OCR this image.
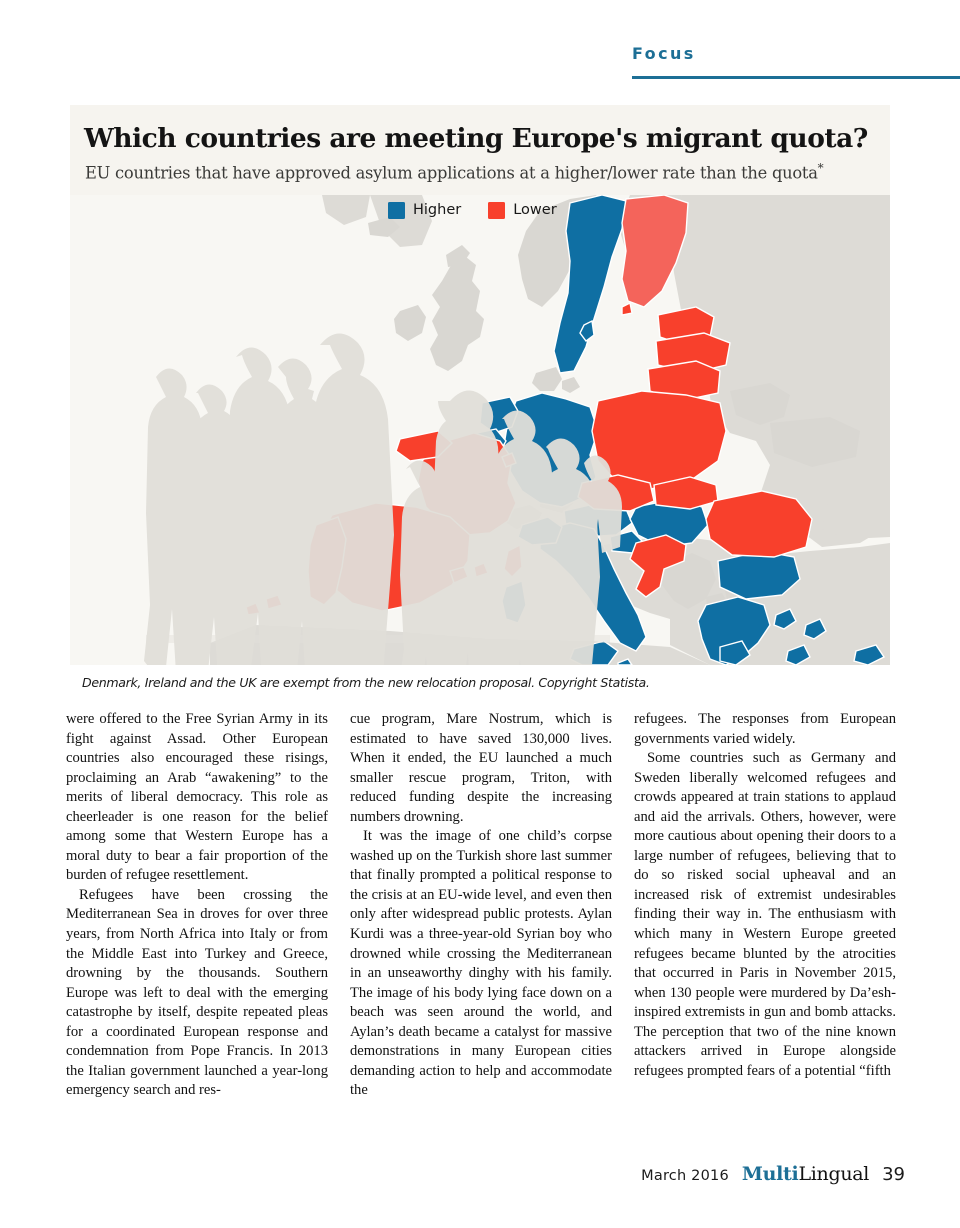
Focus
Which countries are meeting Europe's migrant quota?
EU countries that have approved asylum applications at a higher/lower rate than the quota*
Higher	Lower
Denmark, Ireland and the UK are exempt from the new relocation proposal. Copyright Statista.

were offered to the Free Syrian Army in its fight against Assad. Other European countries also encouraged these risings, proclaiming an Arab “awakening” to the merits of liberal democracy. This role as cheerleader is one reason for the belief among some that Western Europe has a moral duty to bear a fair proportion of the burden of refugee resettlement.

Refugees have been crossing the Mediterranean Sea in droves for over three years, from North Africa into Italy or from the Middle East into Turkey and Greece, drowning by the thousands. Southern Europe was left to deal with the emerging catastrophe by itself, despite repeated pleas for a coordinated European response and condemnation from Pope Francis. In 2013 the Italian government launched a year-long emergency search and res-

cue program, Mare Nostrum, which is estimated to have saved 130,000 lives. When it ended, the EU launched a much smaller rescue program, Triton, with reduced funding despite the increasing numbers drowning.

It was the image of one child’s corpse washed up on the Turkish shore last summer that finally prompted a political response to the crisis at an EU-wide level, and even then only after widespread public protests. Aylan Kurdi was a three-year-old Syrian boy who drowned while crossing the Mediterranean in an unseaworthy dinghy with his family. The image of his body lying face down on a beach was seen around the world, and Aylan’s death became a catalyst for massive demonstrations in many European cities demanding action to help and accommodate the

refugees. The responses from European governments varied widely.

Some countries such as Germany and Sweden liberally welcomed refugees and crowds appeared at train stations to applaud and aid the arrivals. Others, however, were more cautious about opening their doors to a large number of refugees, believing that to do so risked social upheaval and an increased risk of extremist undesirables finding their way in. The enthusiasm with which many in Western Europe greeted refugees became blunted by the atrocities that occurred in Paris in November 2015, when 130 people were murdered by Da’esh-inspired extremists in gun and bomb attacks. The perception that two of the nine known attackers arrived in Europe alongside refugees prompted fears of a potential “fifth

March 2016 MultiLingual 39
